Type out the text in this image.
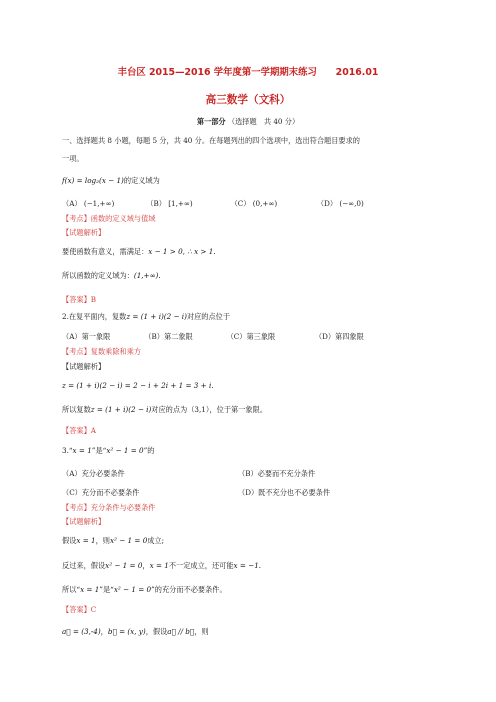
丰台区 2015—2016 学年度第一学期期末练习　　2016.01
高三数学（文科）
第一部分 （选择题　共 40 分）
一、选择题共 8 小题，每题 5 分，共 40 分。在每题列出的四个选项中，选出符合题目要求的
一项。
f(x) = log₂(x − 1)的定义域为
（A） (−1,+∞)	（B） [1,+∞)	（C） (0,+∞)	（D） (−∞,0)
【考点】函数的定义域与值域
【试题解析】
要使函数有意义，需满足：x − 1 > 0, ∴ x > 1.
所以函数的定义域为：(1,+∞).
【答案】B
2.在复平面内，复数z = (1 + i)(2 − i)对应的点位于
（A）第一象限	（B）第二象限	（C）第三象限	（D）第四象限
【考点】复数乘除和乘方
【试题解析】
z = (1 + i)(2 − i) = 2 − i + 2i + 1 = 3 + i.
所以复数z = (1 + i)(2 − i)对应的点为（3,1），位于第一象限。
【答案】A
3.“x = 1”是“x² − 1 = 0”的
（A）充分必要条件	（B）必要而不充分条件
（C）充分而不必要条件	（D）既不充分也不必要条件
【考点】充分条件与必要条件
【试题解析】
假设x = 1，则x² − 1 = 0成立;
反过来，假设x² − 1 = 0，x = 1不一定成立，还可能x = −1.
所以“x = 1”是“x² − 1 = 0”的充分而不必要条件。
【答案】C
a⃗ = (3,-4)，b⃗ = (x, y)，假设a⃗ // b⃗，则
